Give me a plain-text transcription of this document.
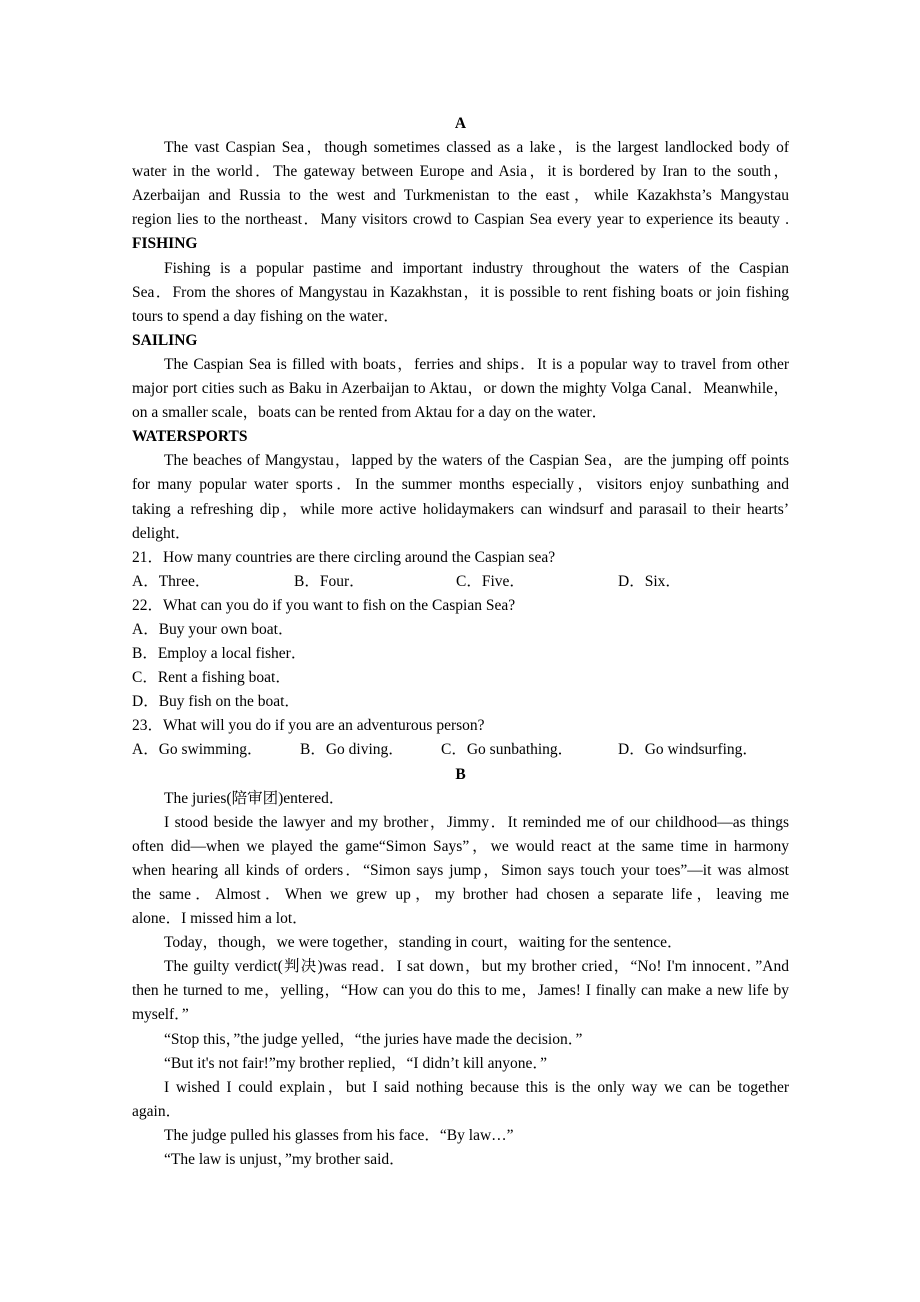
A
The vast Caspian Sea，though sometimes classed as a lake，is the largest landlocked body of
water in the world．The gateway between Europe and Asia，it is bordered by Iran to the south，
Azerbaijan and Russia to the west and Turkmenistan to the east，while Kazakhsta’s Mangystau
region lies to the northeast．Many visitors crowd to Caspian Sea every year to experience its beauty .
FISHING
Fishing is a popular pastime and important industry throughout the waters of the Caspian
Sea．From the shores of Mangystau in Kazakhstan，it is possible to rent fishing boats or join fishing
tours to spend a day fishing on the water．
SAILING
The Caspian Sea is filled with boats，ferries and ships．It is a popular way to travel from other
major port cities such as Baku in Azerbaijan to Aktau，or down the mighty Volga Canal．Meanwhile，
on a smaller scale，boats can be rented from Aktau for a day on the water．
WATERSPORTS
The beaches of Mangystau，lapped by the waters of the Caspian Sea，are the jumping off points
for many popular water sports．In the summer months especially，visitors enjoy sunbathing and
taking a refreshing dip，while more active holidaymakers can windsurf and parasail to their hearts’
delight．
21．How many countries are there circling around the Caspian sea?
A．Three．	B．Four．	C．Five．	D．Six．
22．What can you do if you want to fish on the Caspian Sea?
A．Buy your own boat．
B．Employ a local fisher．
C．Rent a fishing boat．
D．Buy fish on the boat．
23．What will you do if you are an adventurous person?
A．Go swimming．	B．Go diving．	C．Go sunbathing．	D．Go windsurfing．
B
The juries(陪审团)entered．
I stood beside the lawyer and my brother，Jimmy．It reminded me of our childhood—as things
often did—when we played the game“Simon Says”，we would react at the same time in harmony
when hearing all kinds of orders．“Simon says jump，Simon says touch your toes”—it was almost
the same．Almost．When we grew up，my brother had chosen a separate life，leaving me
alone．I missed him a lot．
Today，though，we were together，standing in court，waiting for the sentence．
The guilty verdict(判决)was read．I sat down，but my brother cried，“No! I'm innocent．”And
then he turned to me，yelling，“How can you do this to me，James! I finally can make a new life by
myself．”
“Stop this，”the judge yelled，“the juries have made the decision．”
“But it's not fair!”my brother replied，“I didn’t kill anyone．”
I wished I could explain，but I said nothing because this is the only way we can be together
again．
The judge pulled his glasses from his face．“By law…”
“The law is unjust，”my brother said．
